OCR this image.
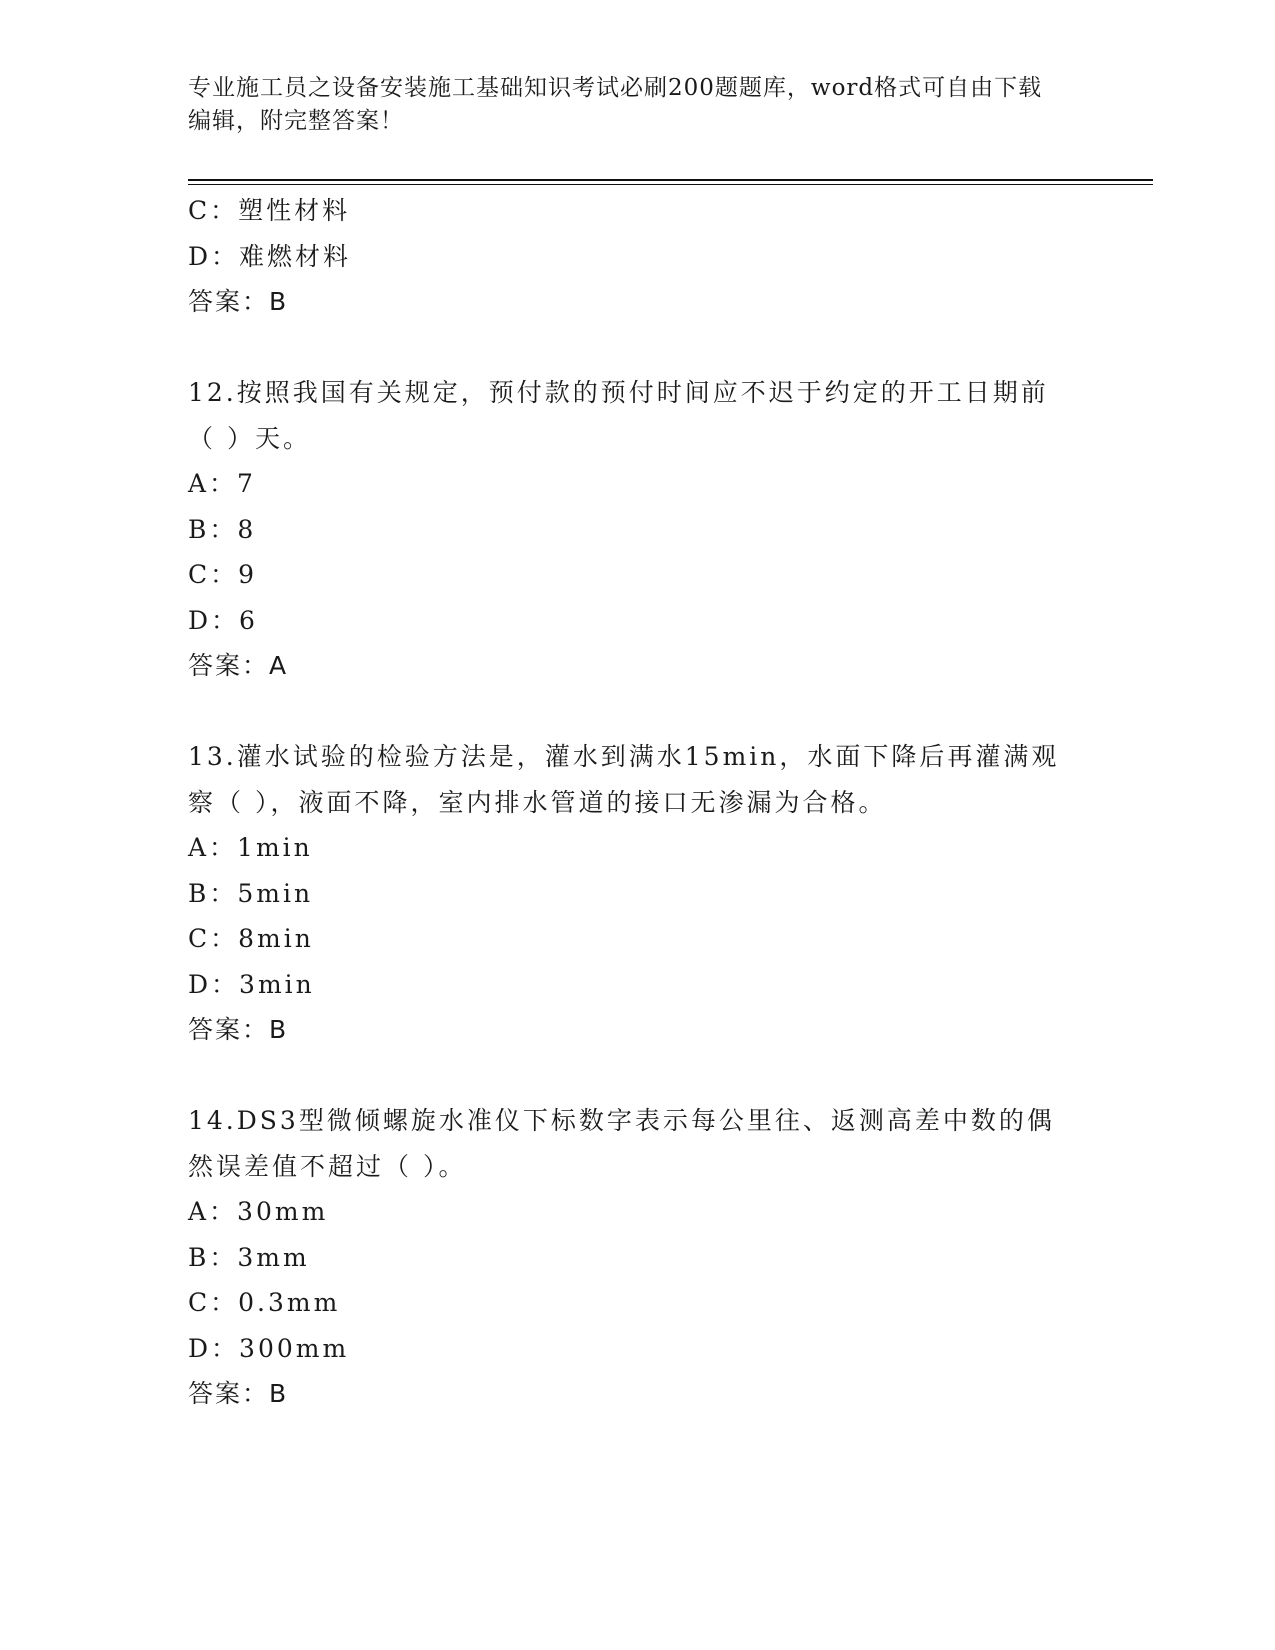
专业施工员之设备安装施工基础知识考试必刷200题题库，word格式可自由下载
编辑，附完整答案！
C：塑性材料
D：难燃材料
答案：B
12.按照我国有关规定，预付款的预付时间应不迟于约定的开工日期前
（ ）天。
A：7
B：8
C：9
D：6
答案：A
13.灌水试验的检验方法是，灌水到满水15min，水面下降后再灌满观
察（ ），液面不降，室内排水管道的接口无渗漏为合格。
A：1min
B：5min
C：8min
D：3min
答案：B
14.DS3型微倾螺旋水准仪下标数字表示每公里往、返测高差中数的偶
然误差值不超过（ ）。
A：30mm
B：3mm
C：0.3mm
D：300mm
答案：B
